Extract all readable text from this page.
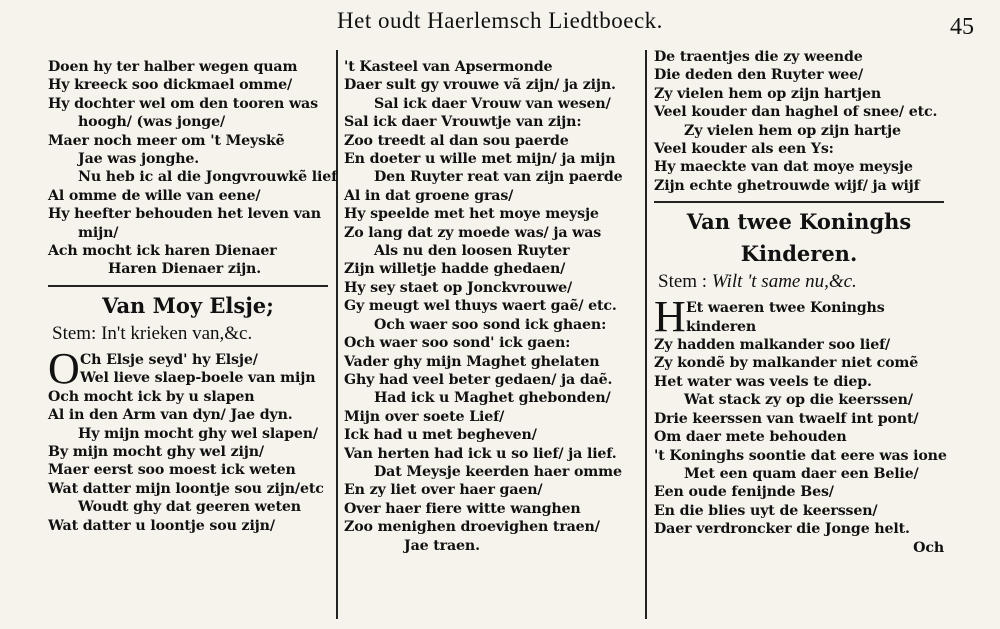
Het oudt Haerlemsch Liedtboeck.	45
Doen hy ter halber wegen quam
Hy kreeck soo dickmael omme/
Hy dochter wel om den tooren was
hoogh/ (was jonge/
Maer noch meer om 't Meyskẽ
Jae was jonghe.
Nu heb ic al die Jongvrouwkẽ lief
Al omme de wille van eene/
Hy heefter behouden het leven van
mijn/
Ach mocht ick haren Dienaer
Haren Dienaer zijn.
Van Moy Elsje;
Stem: In't krieken van,&c.
O Ch Elsje seyd' hy Elsje/
Wel lieve slaep-boele van mijn
Och mocht ick by u slapen
Al in den Arm van dyn/ Jae dyn.
Hy mijn mocht ghy wel slapen/
By mijn mocht ghy wel zijn/
Maer eerst soo moest ick weten
Wat datter mijn loontje sou zijn/etc
Woudt ghy dat geeren weten
Wat datter u loontje sou zijn/
't Kasteel van Apsermonde
Daer sult gy vrouwe vã zijn/ ja zijn.
Sal ick daer Vrouw van wesen/
Sal ick daer Vrouwtje van zijn:
Zoo treedt al dan sou paerde
En doeter u wille met mijn/ ja mijn
Den Ruyter reat van zijn paerde
Al in dat groene gras/
Hy speelde met het moye meysje
Zo lang dat zy moede was/ ja was
Als nu den loosen Ruyter
Zijn willetje hadde ghedaen/
Hy sey staet op Jonckvrouwe/
Gy meugt wel thuys waert gaẽ/ etc.
Och waer soo sond ick ghaen:
Och waer soo sond' ick gaen:
Vader ghy mijn Maghet ghelaten
Ghy had veel beter gedaen/ ja daẽ.
Had ick u Maghet ghebonden/
Mijn over soete Lief/
Ick had u met begheven/
Van herten had ick u so lief/ ja lief.
Dat Meysje keerden haer omme
En zy liet over haer gaen/
Over haer fiere witte wanghen
Zoo menighen droevighen traen/
Jae traen.
De traentjes die zy weende
Die deden den Ruyter wee/
Zy vielen hem op zijn hartjen
Veel kouder dan haghel of snee/ etc.
Zy vielen hem op zijn hartje
Veel kouder als een Ys:
Hy maeckte van dat moye meysje
Zijn echte ghetrouwde wijf/ ja wijf
Van twee Koninghs
Kinderen.
Stem : Wilt 't same nu,&c.
H Et waeren twee Koninghs
kinderen
Zy hadden malkander soo lief/
Zy kondẽ by malkander niet comẽ
Het water was veels te diep.
Wat stack zy op die keerssen/
Drie keerssen van twaelf int pont/
Om daer mete behouden
't Koninghs soontie dat eere was ione
Met een quam daer een Belie/
Een oude fenijnde Bes/
En die blies uyt de keerssen/
Daer verdroncker die Jonge helt.
Och
